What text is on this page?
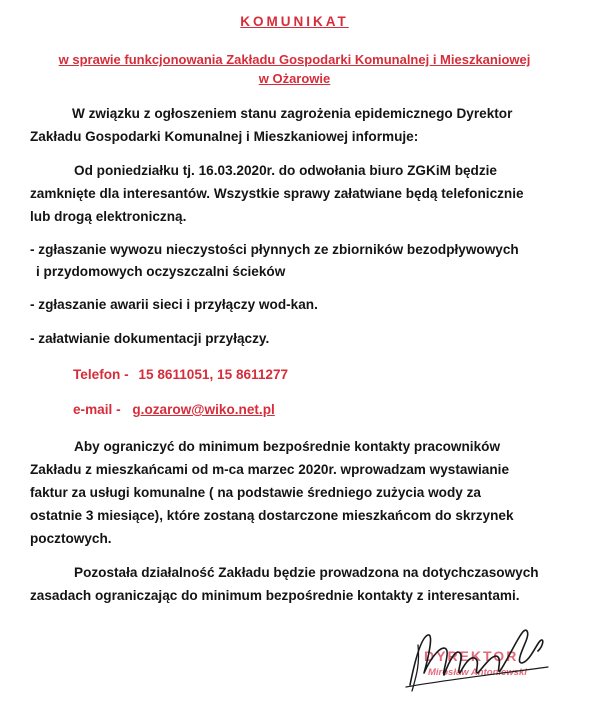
KOMUNIKAT
w sprawie funkcjonowania Zakładu Gospodarki Komunalnej i Mieszkaniowej
w Ożarowie
W związku z ogłoszeniem stanu zagrożenia epidemicznego Dyrektor
Zakładu Gospodarki Komunalnej i Mieszkaniowej informuje:
Od poniedziałku tj. 16.03.2020r. do odwołania biuro ZGKiM będzie
zamknięte dla interesantów. Wszystkie sprawy załatwiane będą telefonicznie
lub drogą elektroniczną.
- zgłaszanie wywozu nieczystości płynnych ze zbiorników bezodpływowych
i przydomowych oczyszczalni ścieków
- zgłaszanie awarii sieci i przyłączy wod-kan.
- załatwianie dokumentacji przyłączy.
Telefon - 15 8611051, 15 8611277
e-mail - g.ozarow@wiko.net.pl
Aby ograniczyć do minimum bezpośrednie kontakty pracowników
Zakładu z mieszkańcami od m-ca marzec 2020r. wprowadzam wystawianie
faktur za usługi komunalne ( na podstawie średniego zużycia wody za
ostatnie 3 miesiące), które zostaną dostarczone mieszkańcom do skrzynek
pocztowych.
Pozostała działalność Zakładu będzie prowadzona na dotychczasowych
zasadach ograniczając do minimum bezpośrednie kontakty z interesantami.
DYREKTOR
Mirosław Antoniewski
